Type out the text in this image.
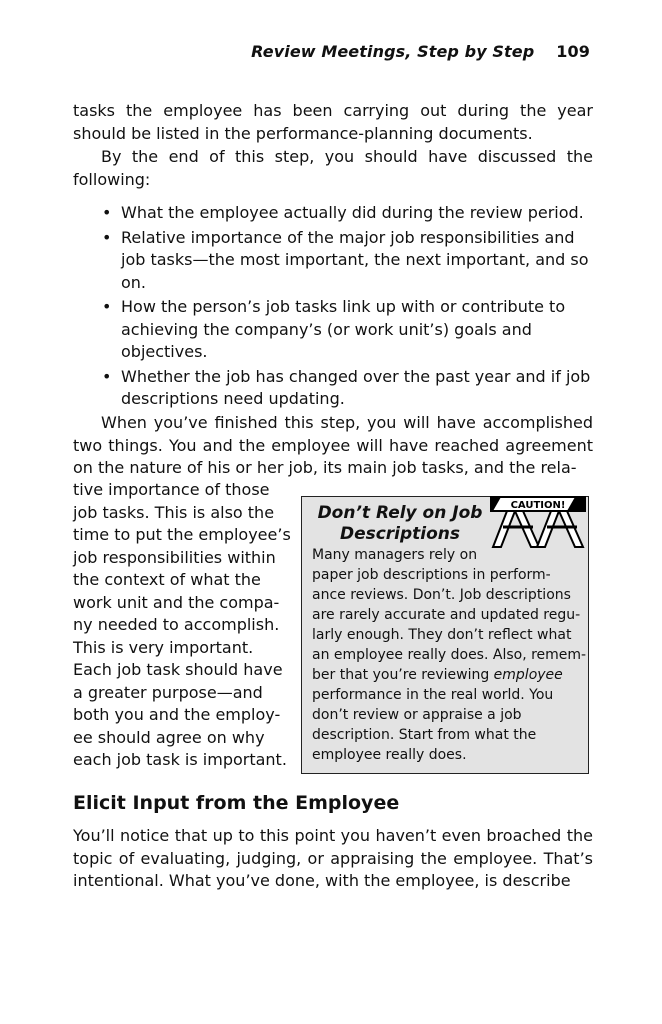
Review Meetings, Step by Step 109

tasks the employee has been carrying out during the year should be listed in the performance-planning documents.

By the end of this step, you should have discussed the following:

• What the employee actually did during the review period.
• Relative importance of the major job responsibilities and job tasks—the most important, the next important, and so on.
• How the person’s job tasks link up with or contribute to achieving the company’s (or work unit’s) goals and objectives.
• Whether the job has changed over the past year and if job descriptions need updating.

When you’ve finished this step, you will have accomplished two things. You and the employee will have reached agreement on the nature of his or her job, its main job tasks, and the rela-

tive importance of those
job tasks. This is also the
time to put the employee’s
job responsibilities within
the context of what the
work unit and the compa-
ny needed to accomplish.
This is very important.
Each job task should have
a greater purpose—and
both you and the employ-
ee should agree on why
each job task is important.
Don’t Rely on Job
Descriptions
CAUTION!
Many managers rely on
paper job descriptions in perform-
ance reviews. Don’t. Job descriptions
are rarely accurate and updated regu-
larly enough. They don’t reflect what
an employee really does. Also, remem-
ber that you’re reviewing employee
performance in the real world. You
don’t review or appraise a job
description. Start from what the
employee really does.
Elicit Input from the Employee

You’ll notice that up to this point you haven’t even broached the topic of evaluating, judging, or appraising the employee. That’s intentional. What you’ve done, with the employee, is describe
